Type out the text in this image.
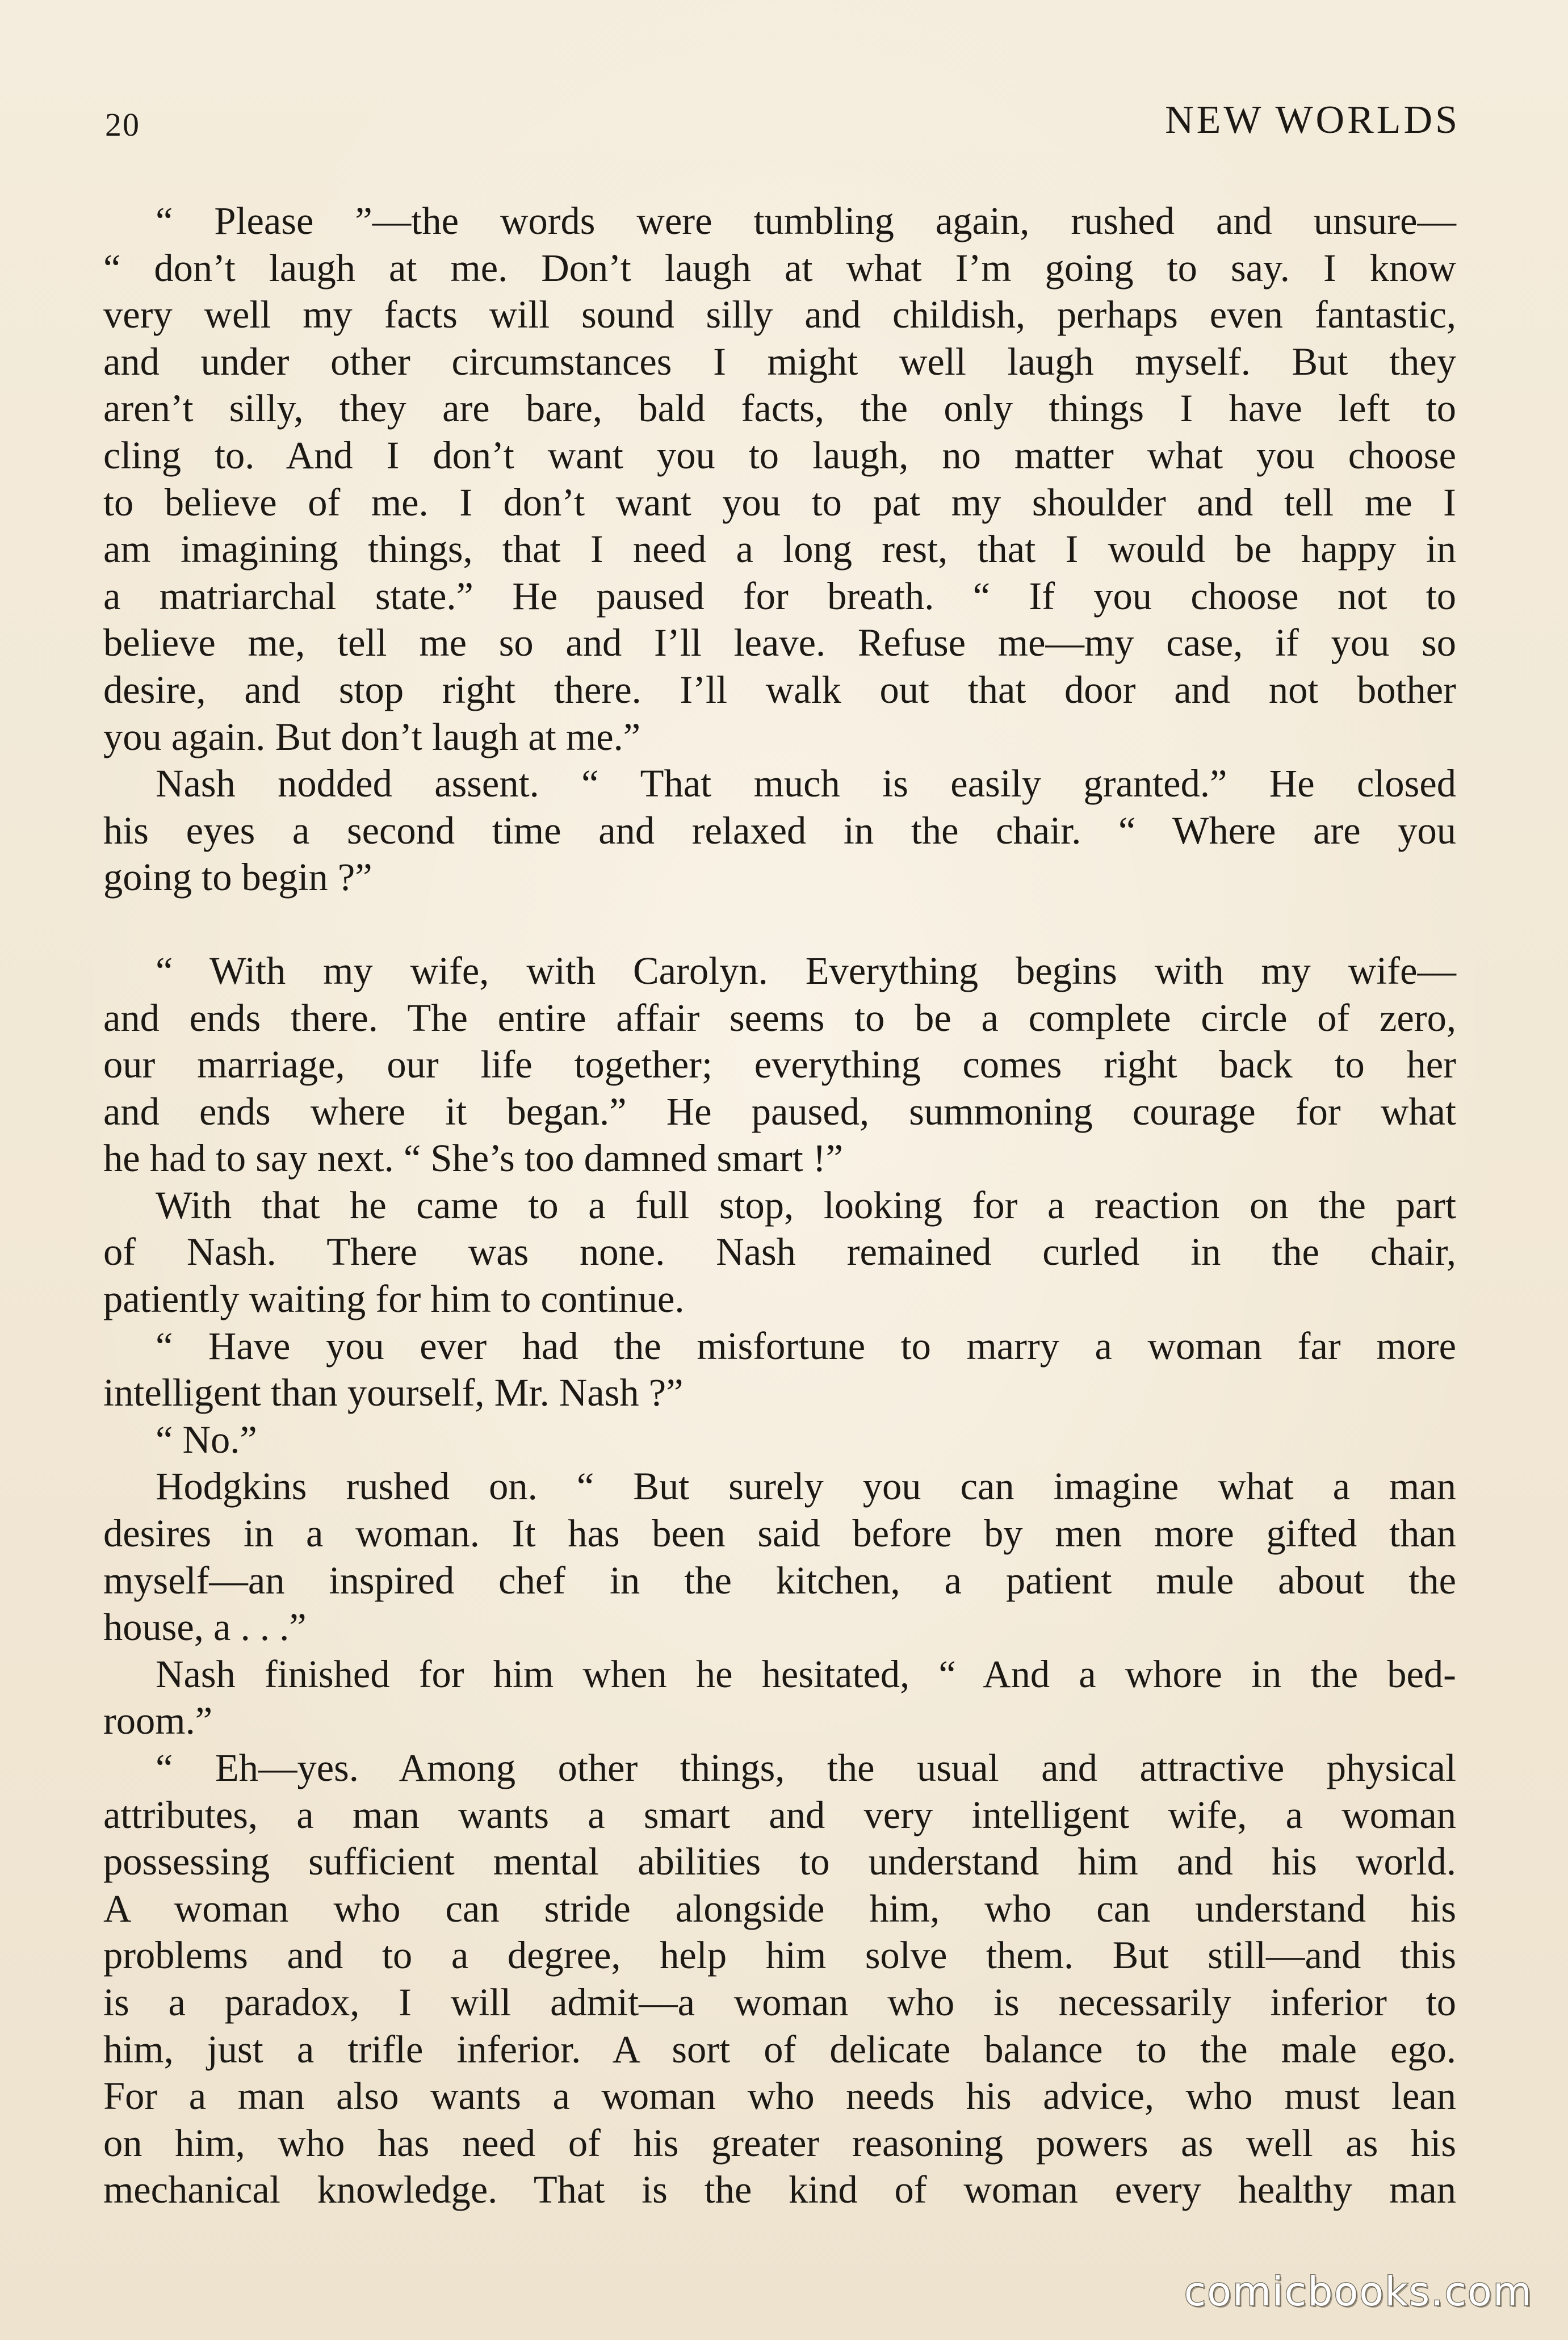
20	NEW WORLDS
“ Please ”—the words were tumbling again, rushed and unsure—
“ don’t laugh at me. Don’t laugh at what I’m going to say. I know
very well my facts will sound silly and childish, perhaps even fantastic,
and under other circumstances I might well laugh myself. But they
aren’t silly, they are bare, bald facts, the only things I have left to
cling to. And I don’t want you to laugh, no matter what you choose
to believe of me. I don’t want you to pat my shoulder and tell me I
am imagining things, that I need a long rest, that I would be happy in
a matriarchal state.” He paused for breath. “ If you choose not to
believe me, tell me so and I’ll leave. Refuse me—my case, if you so
desire, and stop right there. I’ll walk out that door and not bother
you again. But don’t laugh at me.”
Nash nodded assent. “ That much is easily granted.” He closed
his eyes a second time and relaxed in the chair. “ Where are you
going to begin ?”
“ With my wife, with Carolyn. Everything begins with my wife—
and ends there. The entire affair seems to be a complete circle of zero,
our marriage, our life together; everything comes right back to her
and ends where it began.” He paused, summoning courage for what
he had to say next. “ She’s too damned smart !”
With that he came to a full stop, looking for a reaction on the part
of Nash. There was none. Nash remained curled in the chair,
patiently waiting for him to continue.
“ Have you ever had the misfortune to marry a woman far more
intelligent than yourself, Mr. Nash ?”
“ No.”
Hodgkins rushed on. “ But surely you can imagine what a man
desires in a woman. It has been said before by men more gifted than
myself—an inspired chef in the kitchen, a patient mule about the
house, a . . .”
Nash finished for him when he hesitated, “ And a whore in the bed-
room.”
“ Eh—yes. Among other things, the usual and attractive physical
attributes, a man wants a smart and very intelligent wife, a woman
possessing sufficient mental abilities to understand him and his world.
A woman who can stride alongside him, who can understand his
problems and to a degree, help him solve them. But still—and this
is a paradox, I will admit—a woman who is necessarily inferior to
him, just a trifle inferior. A sort of delicate balance to the male ego.
For a man also wants a woman who needs his advice, who must lean
on him, who has need of his greater reasoning powers as well as his
mechanical knowledge. That is the kind of woman every healthy man
comicbooks.com
